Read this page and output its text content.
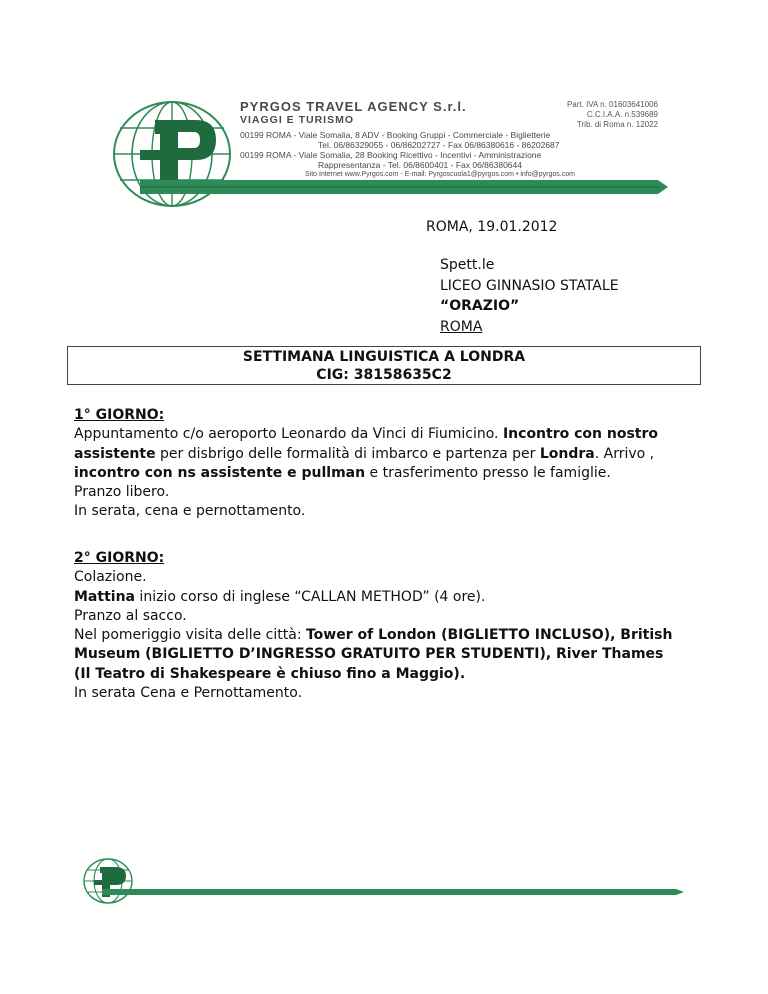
PYRGOS TRAVEL AGENCY S.r.l.
VIAGGI E TURISMO
Part. IVA n. 01603641006
C.C.I.A.A. n.539689
Trib. di Roma n. 12022
00199 ROMA - Viale Somalia, 8 ADV - Booking Gruppi - Commerciale - Biglietterie
Tel. 06/86329055 - 06/86202727 - Fax 06/86380616 - 86202687
00199 ROMA - Viale Somalia, 28 Booking Ricettivo - Incentivi - Amministrazione
Rappresentanza - Tel. 06/8600401 - Fax 06/86380644
Sito Internet www.Pyrgos.com - E-mail: Pyrgoscuola1@pyrgos.com • info@pyrgos.com
ROMA, 19.01.2012
Spett.le
LICEO GINNASIO STATALE
“ORAZIO”
ROMA
SETTIMANA LINGUISTICA A LONDRA
CIG: 38158635C2

1° GIORNO:

Appuntamento c/o aeroporto Leonardo da Vinci di Fiumicino. Incontro con nostro assistente per disbrigo delle formalità di imbarco e partenza per Londra. Arrivo , incontro con ns assistente e pullman e trasferimento presso le famiglie.

Pranzo libero.

In serata, cena e pernottamento.

2° GIORNO:

Colazione.

Mattina inizio corso di inglese “CALLAN METHOD” (4 ore).

Pranzo al sacco.

Nel pomeriggio visita delle città: Tower of London (BIGLIETTO INCLUSO), British Museum (BIGLIETTO D’INGRESSO GRATUITO PER STUDENTI), River Thames (Il Teatro di Shakespeare è chiuso fino a Maggio).

In serata Cena e Pernottamento.
